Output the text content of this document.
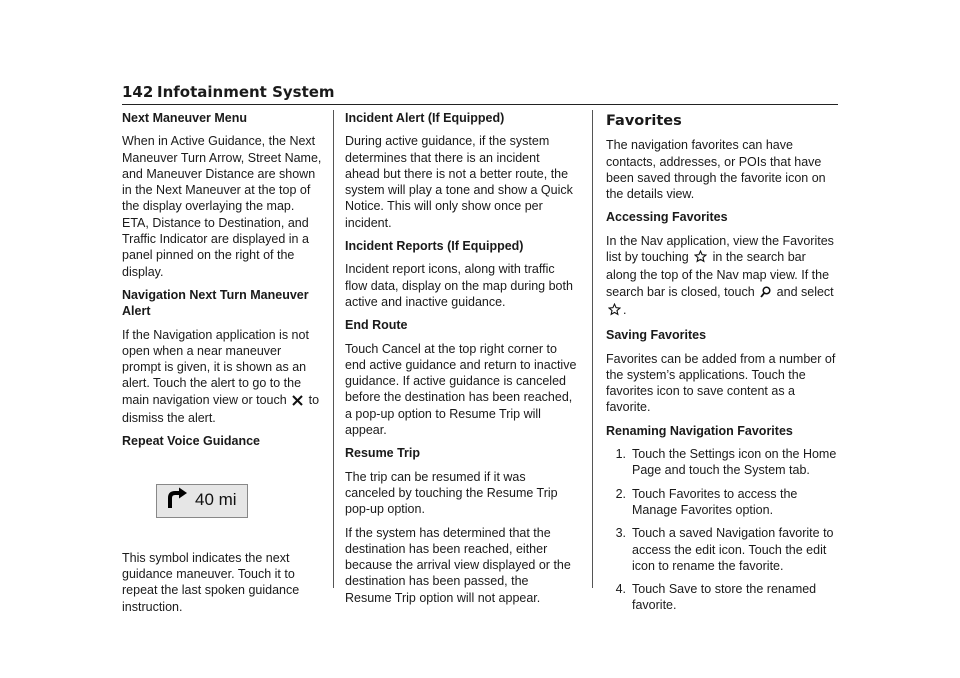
142 Infotainment System
Next Maneuver Menu

When in Active Guidance, the Next Maneuver Turn Arrow, Street Name, and Maneuver Distance are shown in the Next Maneuver at the top of the display overlaying the map. ETA, Distance to Destination, and Traffic Indicator are displayed in a panel pinned on the right of the display.

Navigation Next Turn Maneuver Alert

If the Navigation application is not open when a near maneuver prompt is given, it is shown as an alert. Touch the alert to go to the main navigation view or touch to dismiss the alert.

Repeat Voice Guidance
40 mi

This symbol indicates the next guidance maneuver. Touch it to repeat the last spoken guidance instruction.

Incident Alert (If Equipped)

During active guidance, if the system determines that there is an incident ahead but there is not a better route, the system will play a tone and show a Quick Notice. This will only show once per incident.

Incident Reports (If Equipped)

Incident report icons, along with traffic flow data, display on the map during both active and inactive guidance.

End Route

Touch Cancel at the top right corner to end active guidance and return to inactive guidance. If active guidance is canceled before the destination has been reached, a pop-up option to Resume Trip will appear.

Resume Trip

The trip can be resumed if it was canceled by touching the Resume Trip pop-up option.

If the system has determined that the destination has been reached, either because the arrival view displayed or the destination has been passed, the Resume Trip option will not appear.

Favorites

The navigation favorites can have contacts, addresses, or POIs that have been saved through the favorite icon on the details view.

Accessing Favorites

In the Nav application, view the Favorites list by touching in the search bar along the top of the Nav map view. If the search bar is closed, touch and select .

Saving Favorites

Favorites can be added from a number of the system’s applications. Touch the favorites icon to save content as a favorite.

Renaming Navigation Favorites
1. Touch the Settings icon on the Home Page and touch the System tab.
2. Touch Favorites to access the Manage Favorites option.
3. Touch a saved Navigation favorite to access the edit icon. Touch the edit icon to rename the favorite.
4. Touch Save to store the renamed favorite.
